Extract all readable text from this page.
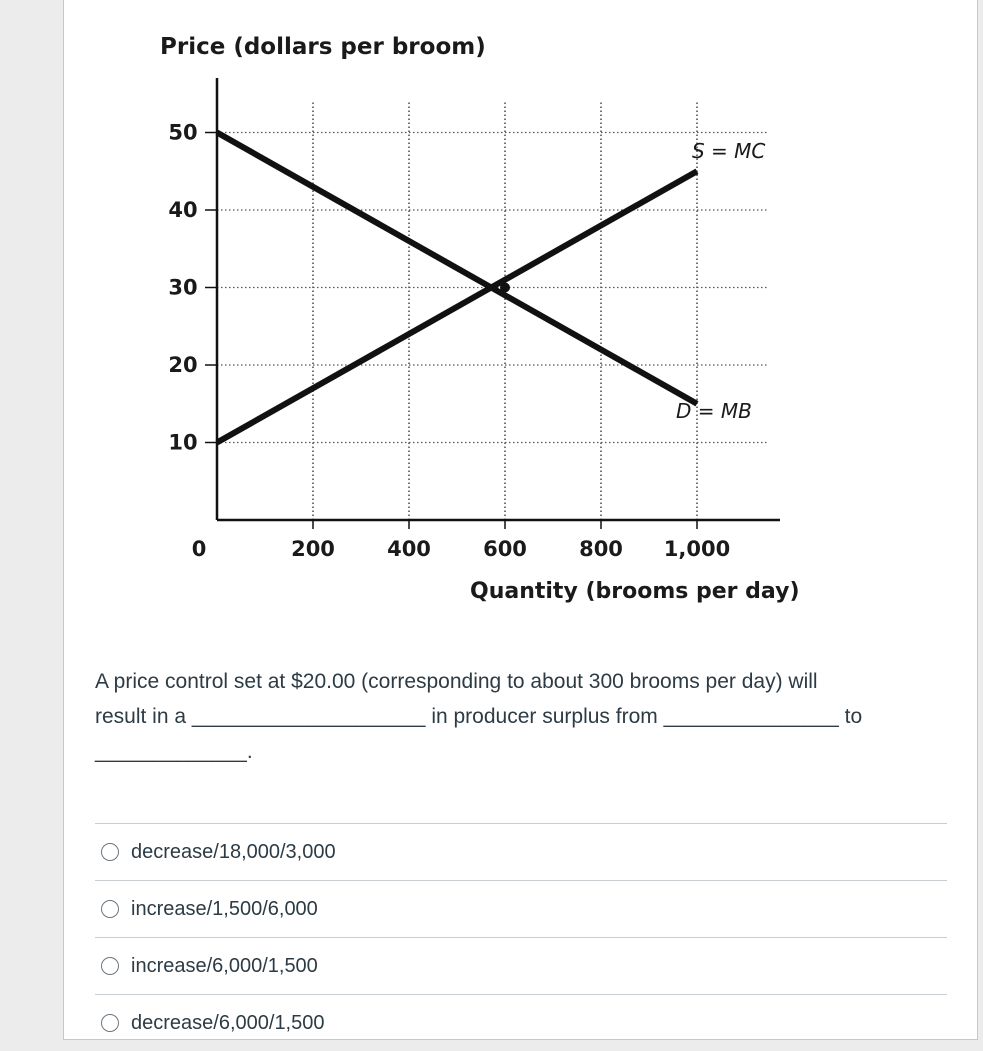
10
20
30
40
50
200 400 600 800 1,000
S = MC
D = MB
Price (dollars per broom)
Quantity (brooms per day)
0
A price control set at $20.00 (corresponding to about 300 brooms per day) will
result in a ____________________ in producer surplus from _______________ to
_____________.
decrease/18,000/3,000
increase/1,500/6,000
increase/6,000/1,500
decrease/6,000/1,500
